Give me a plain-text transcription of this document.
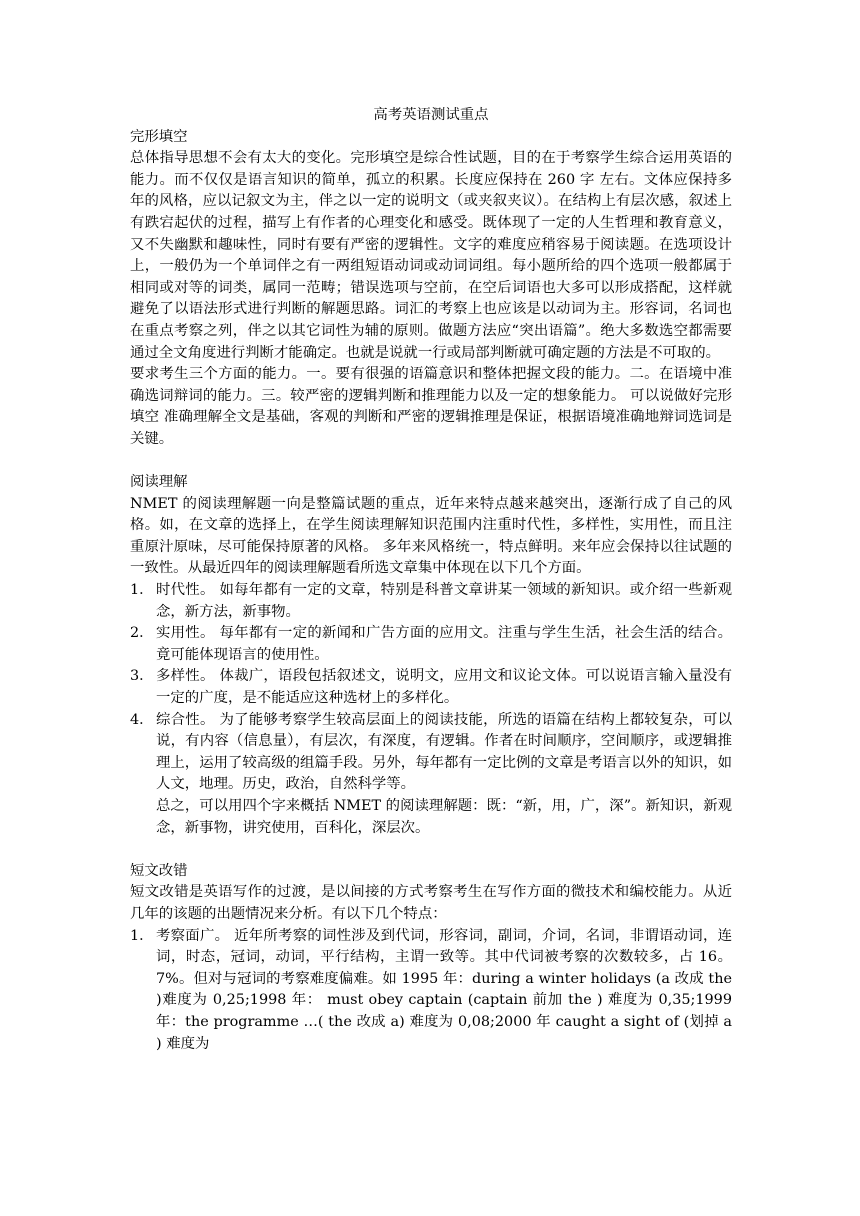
高考英语测试重点

完形填空

总体指导思想不会有太大的变化。完形填空是综合性试题，目的在于考察学生综合运用英语的能力。而不仅仅是语言知识的简单，孤立的积累。长度应保持在 260 字 左右。文体应保持多年的风格，应以记叙文为主，伴之以一定的说明文（或夹叙夹议）。在结构上有层次感，叙述上有跌宕起伏的过程，描写上有作者的心理变化和感受。既体现了一定的人生哲理和教育意义，又不失幽默和趣味性，同时有要有严密的逻辑性。文字的难度应稍容易于阅读题。在选项设计上，一般仍为一个单词伴之有一两组短语动词或动词词组。每小题所给的四个选项一般都属于相同或对等的词类，属同一范畴；错误选项与空前，在空后词语也大多可以形成搭配，这样就避免了以语法形式进行判断的解题思路。词汇的考察上也应该是以动词为主。形容词，名词也在重点考察之列，伴之以其它词性为辅的原则。做题方法应“突出语篇”。绝大多数选空都需要通过全文角度进行判断才能确定。也就是说就一行或局部判断就可确定题的方法是不可取的。

要求考生三个方面的能力。一。要有很强的语篇意识和整体把握文段的能力。二。在语境中准确选词辩词的能力。三。较严密的逻辑判断和推理能力以及一定的想象能力。 可以说做好完形填空 准确理解全文是基础，客观的判断和严密的逻辑推理是保证，根据语境准确地辩词选词是关键。

阅读理解

NMET 的阅读理解题一向是整篇试题的重点，近年来特点越来越突出，逐渐行成了自己的风格。如，在文章的选择上，在学生阅读理解知识范围内注重时代性，多样性，实用性，而且注重原汁原味，尽可能保持原著的风格。 多年来风格统一，特点鲜明。来年应会保持以往试题的一致性。从最近四年的阅读理解题看所选文章集中体现在以下几个方面。

1． 时代性。 如每年都有一定的文章，特别是科普文章讲某一领域的新知识。或介绍一些新观念，新方法，新事物。
2． 实用性。 每年都有一定的新闻和广告方面的应用文。注重与学生生活，社会生活的结合。竟可能体现语言的使用性。
3． 多样性。 体裁广，语段包括叙述文，说明文，应用文和议论文体。可以说语言输入量没有一定的广度，是不能适应这种选材上的多样化。
4． 综合性。 为了能够考察学生较高层面上的阅读技能，所选的语篇在结构上都较复杂，可以说，有内容（信息量），有层次，有深度，有逻辑。作者在时间顺序，空间顺序，或逻辑推理上，运用了较高级的组篇手段。另外，每年都有一定比例的文章是考语言以外的知识，如人文，地理。历史，政治，自然科学等。

总之，可以用四个字来概括 NMET 的阅读理解题：既：“新，用，广，深”。新知识，新观念，新事物，讲究使用，百科化，深层次。

短文改错

短文改错是英语写作的过渡，是以间接的方式考察考生在写作方面的微技术和编校能力。从近几年的该题的出题情况来分析。有以下几个特点：

1． 考察面广。 近年所考察的词性涉及到代词，形容词，副词，介词，名词，非谓语动词，连词，时态，冠词，动词，平行结构，主谓一致等。其中代词被考察的次数较多，占 16。7%。但对与冠词的考察难度偏难。如 1995 年：during a winter holidays (a 改成 the )难度为 0,25;1998 年： must obey captain (captain 前加 the ) 难度为 0,35;1999 年：the programme …( the 改成 a) 难度为 0,08;2000 年 caught a sight of (划掉 a ) 难度为
